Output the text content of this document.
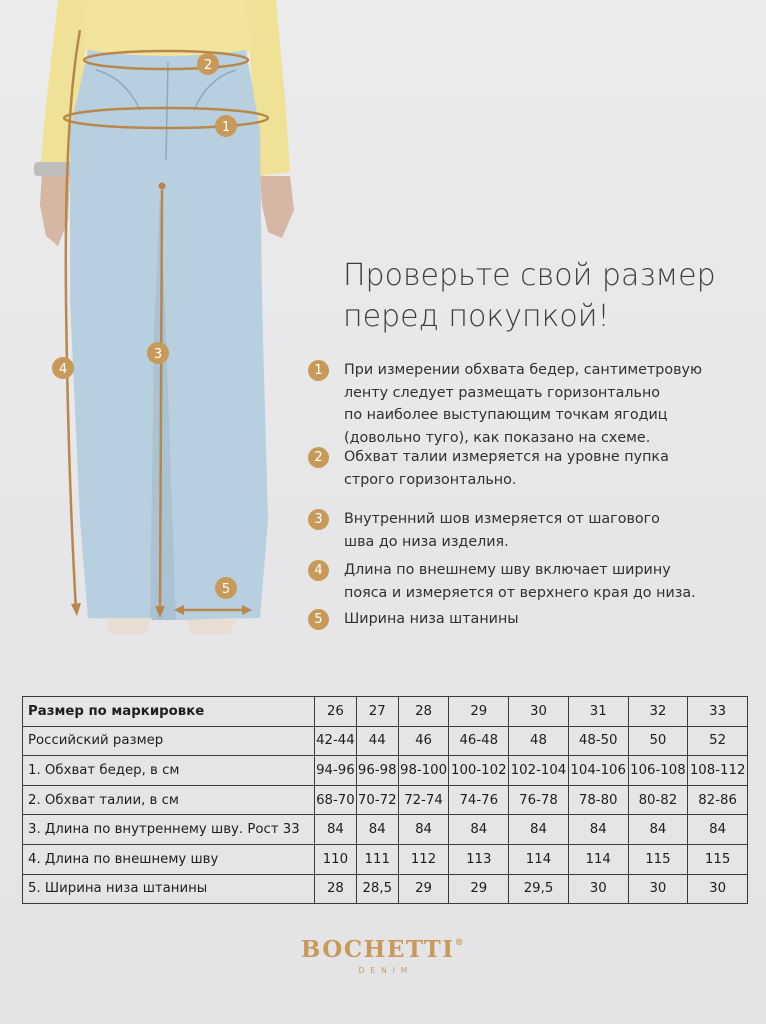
1
2
3
4
5
Проверьте свой размер
перед покупкой!
1	При измерении обхвата бедер, сантиметровую
ленту следует размещать горизонтально
по наиболее выступающим точкам ягодиц
(довольно туго), как показано на схеме.
2	Обхват талии измеряется на уровне пупка
строго горизонтально.
3	Внутренний шов измеряется от шагового
шва до низа изделия.
4	Длина по внешнему шву включает ширину
пояса и измеряется от верхнего края до низа.
5	Ширина низа штанины
Размер по маркировке	26	27	28	29	30	31	32	33
Российский размер	42-44	44	46	46-48	48	48-50	50	52
1. Обхват бедер, в см	94-96	96-98	98-100	100-102	102-104	104-106	106-108	108-112
2. Обхват талии, в см	68-70	70-72	72-74	74-76	76-78	78-80	80-82	82-86
3. Длина по внутреннему шву. Рост 33	84	84	84	84	84	84	84	84
4. Длина по внешнему шву	110	111	112	113	114	114	115	115
5. Ширина низа штанины	28	28,5	29	29	29,5	30	30	30
BOCHETTI®
DENIM
